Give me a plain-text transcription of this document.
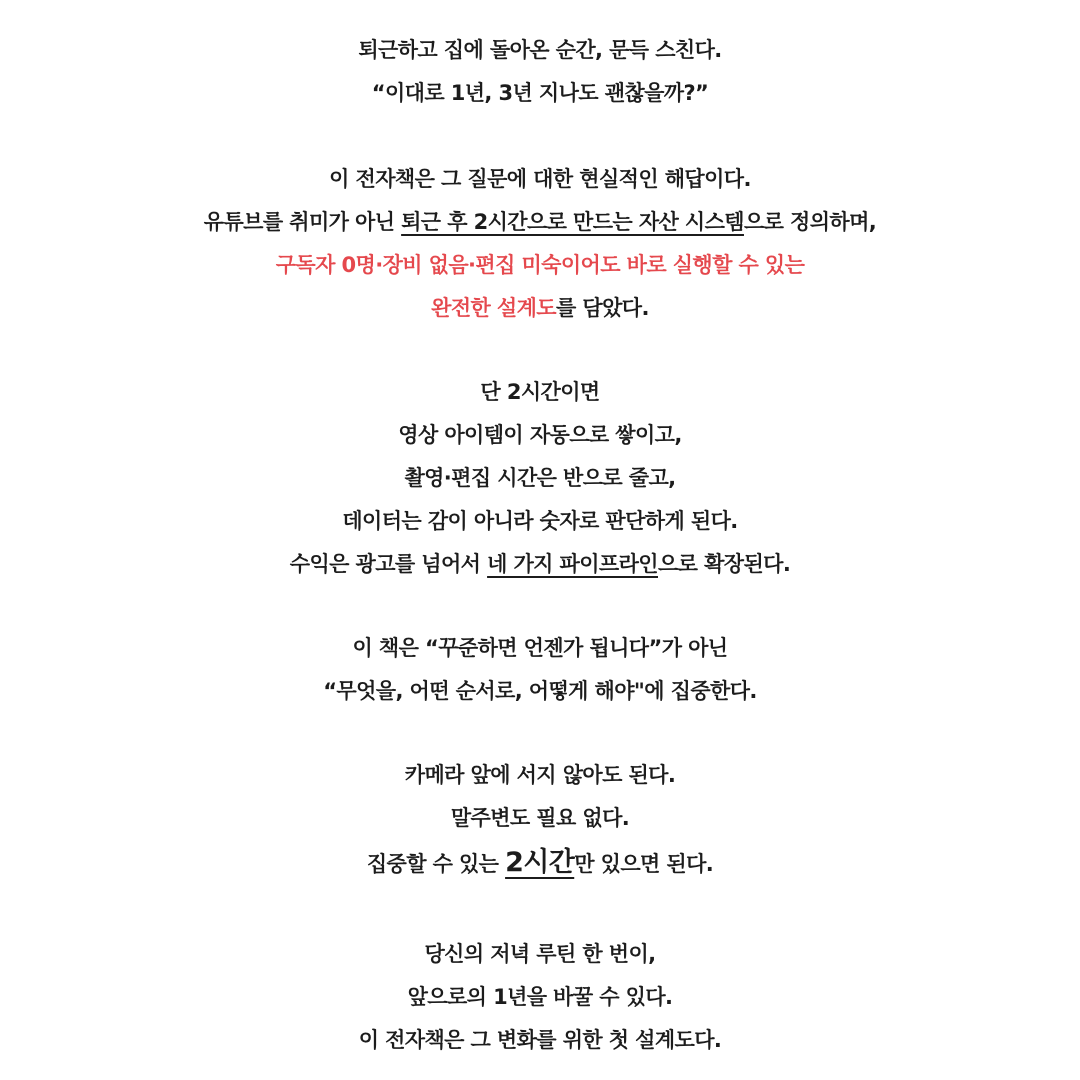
퇴근하고 집에 돌아온 순간, 문득 스친다.
“이대로 1년, 3년 지나도 괜찮을까?”
이 전자책은 그 질문에 대한 현실적인 해답이다.
유튜브를 취미가 아닌 퇴근 후 2시간으로 만드는 자산 시스템으로 정의하며,
구독자 0명·장비 없음·편집 미숙이어도 바로 실행할 수 있는
완전한 설계도를 담았다.
단 2시간이면
영상 아이템이 자동으로 쌓이고,
촬영·편집 시간은 반으로 줄고,
데이터는 감이 아니라 숫자로 판단하게 된다.
수익은 광고를 넘어서 네 가지 파이프라인으로 확장된다.
이 책은 “꾸준하면 언젠가 됩니다”가 아닌
“무엇을, 어떤 순서로, 어떻게 해야"에 집중한다.
카메라 앞에 서지 않아도 된다.
말주변도 필요 없다.
집중할 수 있는 2시간만 있으면 된다.
당신의 저녁 루틴 한 번이,
앞으로의 1년을 바꿀 수 있다.
이 전자책은 그 변화를 위한 첫 설계도다.
